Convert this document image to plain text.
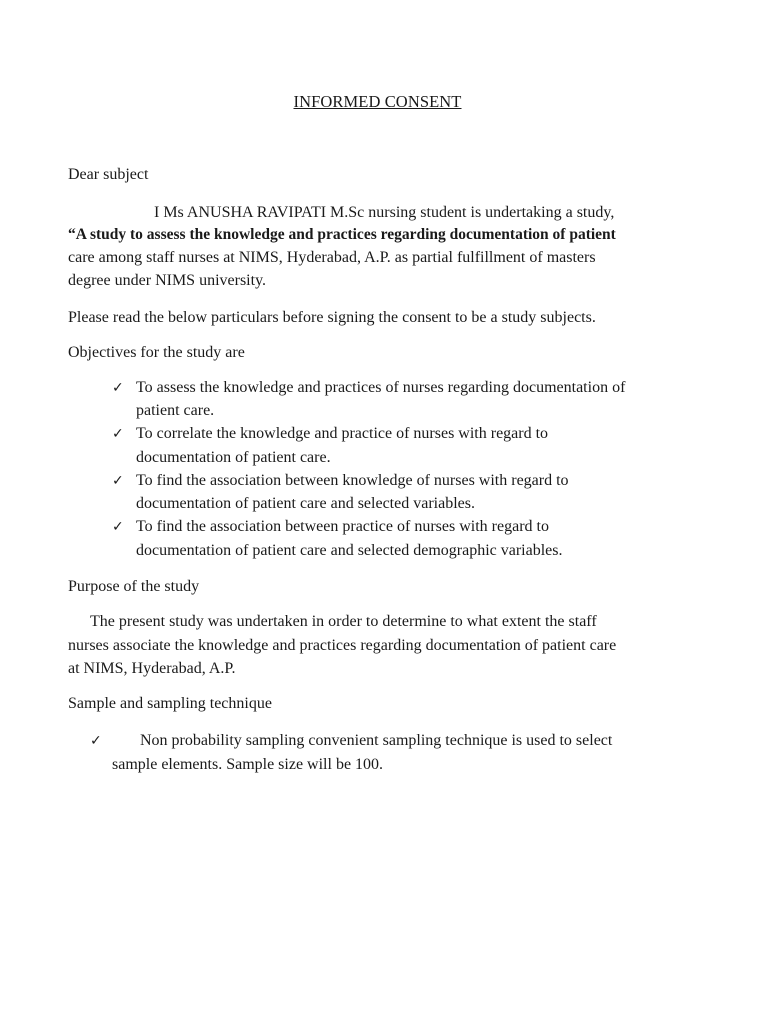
INFORMED CONSENT
Dear subject
I Ms ANUSHA RAVIPATI M.Sc nursing student is undertaking a study,
“A study to assess the knowledge and practices regarding documentation of patient
care among staff nurses at NIMS, Hyderabad, A.P. as partial fulfillment of masters
degree under NIMS university.
Please read the below particulars before signing the consent to be a study subjects.
Objectives for the study are
✓ To assess the knowledge and practices of nurses regarding documentation of
patient care.
✓ To correlate the knowledge and practice of nurses with regard to
documentation of patient care.
✓ To find the association between knowledge of nurses with regard to
documentation of patient care and selected variables.
✓ To find the association between practice of nurses with regard to
documentation of patient care and selected demographic variables.
Purpose of the study
The present study was undertaken in order to determine to what extent the staff
nurses associate the knowledge and practices regarding documentation of patient care
at NIMS, Hyderabad, A.P.
Sample and sampling technique
✓ Non probability sampling convenient sampling technique is used to select
sample elements. Sample size will be 100.
